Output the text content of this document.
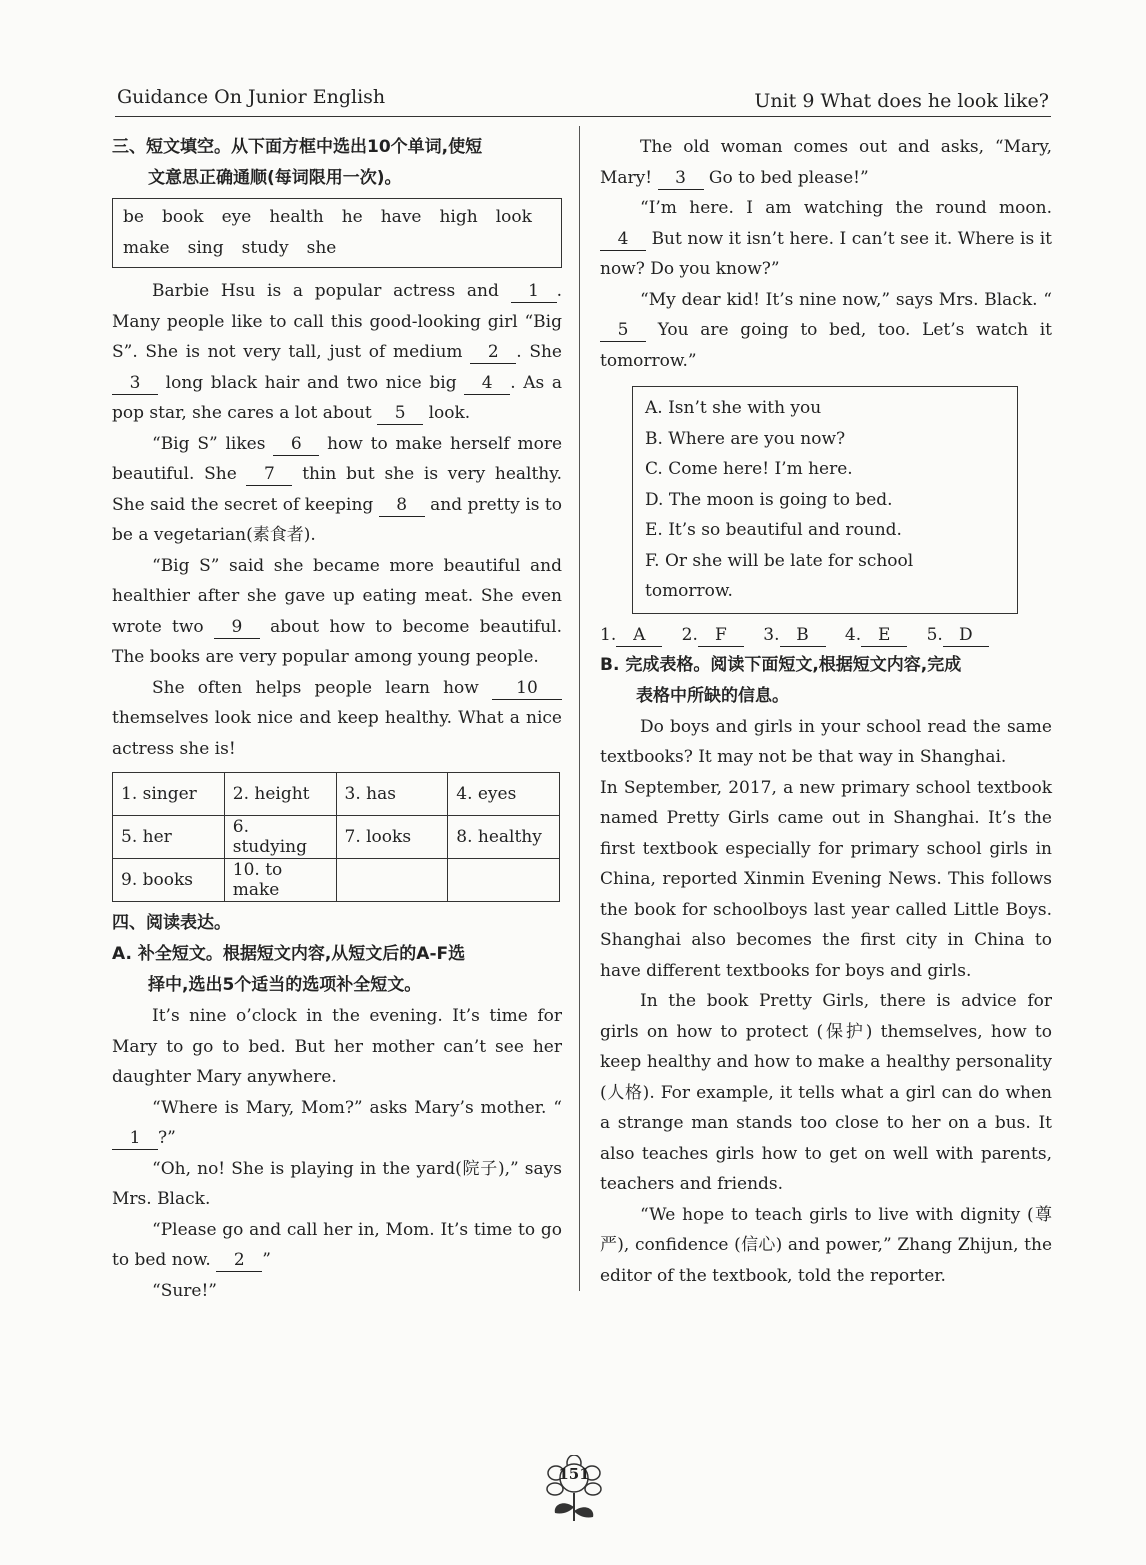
Guidance On Junior English	Unit 9 What does he look like?
三、短文填空。从下面方框中选出10个单词,使短
文意思正确通顺(每词限用一次)。
be book eye health he have high look
make sing study she

Barbie Hsu is a popular actress and 1 . Many people like to call this good-looking girl “Big S”. She is not very tall, just of medium 2 . She 3 long black hair and two nice big 4 . As a pop star, she cares a lot about 5 look.

“Big S” likes 6 how to make herself more beautiful. She 7 thin but she is very healthy. She said the secret of keeping 8 and pretty is to be a vegetarian(素食者).

“Big S” said she became more beautiful and healthier after she gave up eating meat. She even wrote two 9 about how to become beautiful. The books are very popular among young people.

She often helps people learn how 10 themselves look nice and keep healthy. What a nice actress she is!

1. singer	2. height	3. has	4. eyes
5. her	6. studying	7. looks	8. healthy
9. books	10. to make		
四、阅读表达。
A. 补全短文。根据短文内容,从短文后的A-F选
择中,选出5个适当的选项补全短文。

It’s nine o’clock in the evening. It’s time for Mary to go to bed. But her mother can’t see her daughter Mary anywhere.

“Where is Mary, Mom?” asks Mary’s mother. “1 ?”

“Oh, no! She is playing in the yard(院子),” says Mrs. Black.

“Please go and call her in, Mom. It’s time to go to bed now. 2 ”

“Sure!”

The old woman comes out and asks, “Mary, Mary! 3 Go to bed please!”

“I’m here. I am watching the round moon. 4 But now it isn’t here. I can’t see it. Where is it now? Do you know?”

“My dear kid! It’s nine now,” says Mrs. Black. “5 You are going to bed, too. Let’s watch it tomorrow.”

A. Isn’t she with you
B. Where are you now?
C. Come here! I’m here.
D. The moon is going to bed.
E. It’s so beautiful and round.
F. Or she will be late for school tomorrow.
1. A 2. F 3. B 4. E 5. D
B. 完成表格。阅读下面短文,根据短文内容,完成
表格中所缺的信息。

Do boys and girls in your school read the same textbooks? It may not be that way in Shanghai.

In September, 2017, a new primary school textbook named Pretty Girls came out in Shanghai. It’s the first textbook especially for primary school girls in China, reported Xinmin Evening News. This follows the book for schoolboys last year called Little Boys. Shanghai also becomes the first city in China to have different textbooks for boys and girls.

In the book Pretty Girls, there is advice for girls on how to protect (保护) themselves, how to keep healthy and how to make a healthy personality (人格). For example, it tells what a girl can do when a strange man stands too close to her on a bus. It also teaches girls how to get on well with parents, teachers and friends.

“We hope to teach girls to live with dignity (尊严), confidence (信心) and power,” Zhang Zhijun, the editor of the textbook, told the reporter.

151
